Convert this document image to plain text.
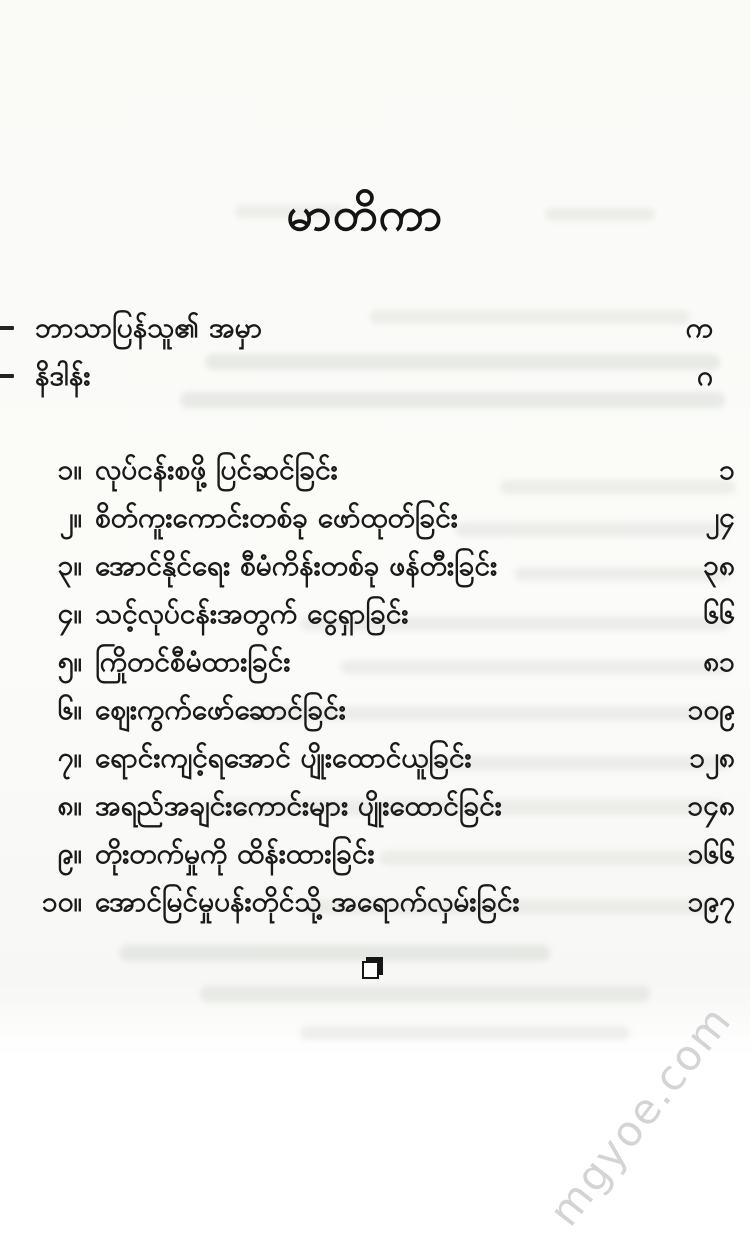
မာတိကာ
ဘာသာပြန်သူ၏ အမှာ	က
နိဒါန်း	ဂ
၁။ လုပ်ငန်းစဖို့ ပြင်ဆင်ခြင်း	၁
၂။ စိတ်ကူးကောင်းတစ်ခု ဖော်ထုတ်ခြင်း	၂၄
၃။ အောင်နိုင်ရေး စီမံကိန်းတစ်ခု ဖန်တီးခြင်း	၃၈
၄။ သင့်လုပ်ငန်းအတွက် ငွေရှာခြင်း	၆၆
၅။ ကြိုတင်စီမံထားခြင်း	၈၁
၆။ ဈေးကွက်ဖော်ဆောင်ခြင်း	၁၀၉
၇။ ရောင်းကျင့်ရအောင် ပျိုးထောင်ယူခြင်း	၁၂၈
၈။ အရည်အချင်းကောင်းများ ပျိုးထောင်ခြင်း	၁၄၈
၉။ တိုးတက်မှုကို ထိန်းထားခြင်း	၁၆၆
၁၀။ အောင်မြင်မှုပန်းတိုင်သို့ အရောက်လှမ်းခြင်း	၁၉၇
mgyoe.com
